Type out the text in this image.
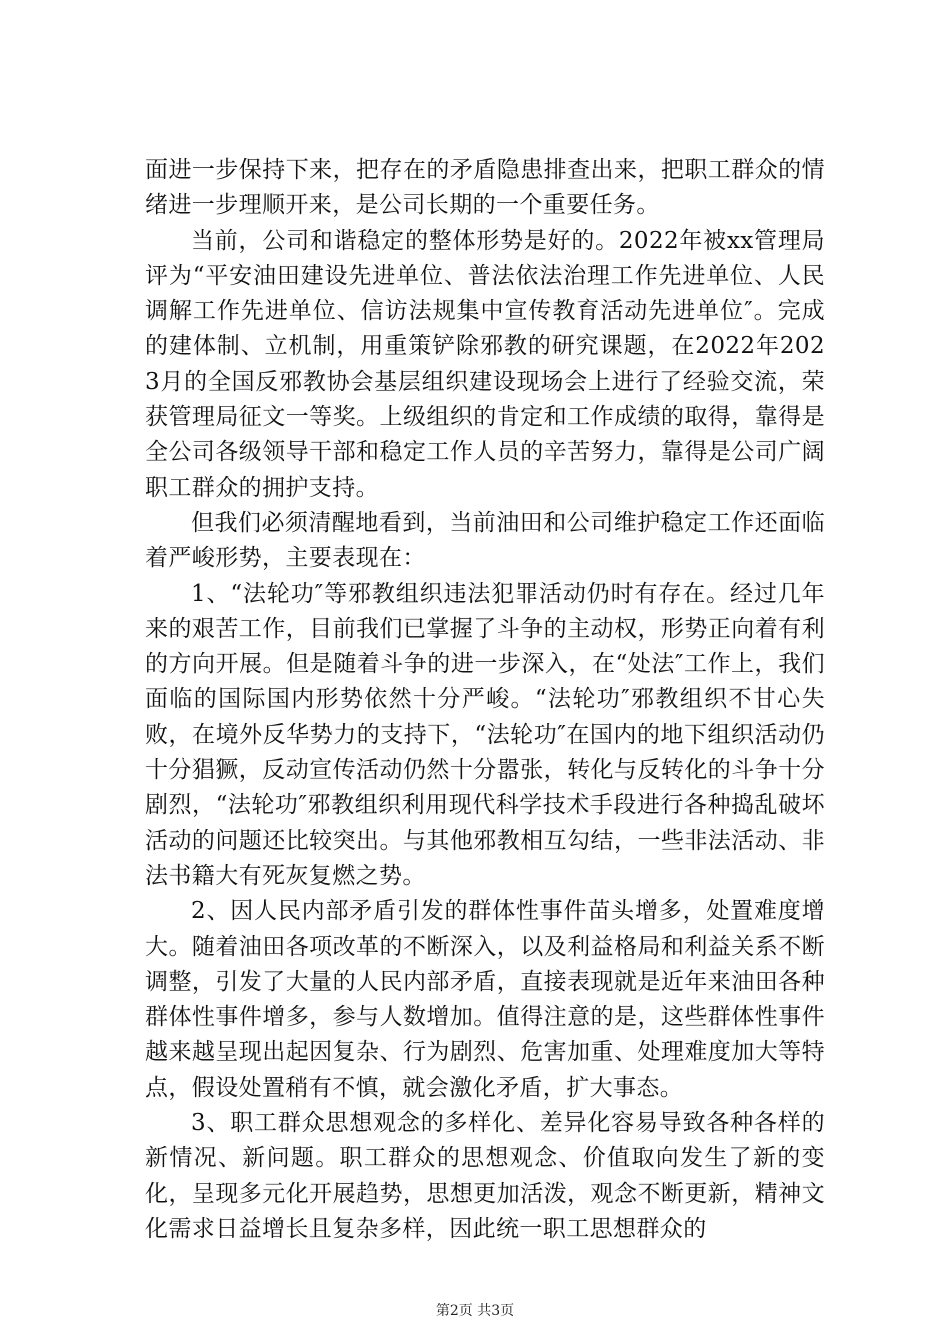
面进一步保持下来，把存在的矛盾隐患排查出来，把职工群众的情绪进一步理顺开来，是公司长期的一个重要任务。

当前，公司和谐稳定的整体形势是好的。2022年被xx管理局评为“平安油田建设先进单位、普法依法治理工作先进单位、人民调解工作先进单位、信访法规集中宣传教育活动先进单位″。完成的建体制、立机制，用重策铲除邪教的研究课题，在2022年2023月的全国反邪教协会基层组织建设现场会上进行了经验交流，荣获管理局征文一等奖。上级组织的肯定和工作成绩的取得，靠得是全公司各级领导干部和稳定工作人员的辛苦努力，靠得是公司广阔职工群众的拥护支持。

但我们必须清醒地看到，当前油田和公司维护稳定工作还面临着严峻形势，主要表现在：

1、“法轮功″等邪教组织违法犯罪活动仍时有存在。经过几年来的艰苦工作，目前我们已掌握了斗争的主动权，形势正向着有利的方向开展。但是随着斗争的进一步深入，在“处法″工作上，我们面临的国际国内形势依然十分严峻。“法轮功″邪教组织不甘心失败，在境外反华势力的支持下，“法轮功″在国内的地下组织活动仍十分猖獗，反动宣传活动仍然十分嚣张，转化与反转化的斗争十分剧烈，“法轮功″邪教组织利用现代科学技术手段进行各种捣乱破坏活动的问题还比较突出。与其他邪教相互勾结，一些非法活动、非法书籍大有死灰复燃之势。

2、因人民内部矛盾引发的群体性事件苗头增多，处置难度增大。随着油田各项改革的不断深入，以及利益格局和利益关系不断调整，引发了大量的人民内部矛盾，直接表现就是近年来油田各种群体性事件增多，参与人数增加。值得注意的是，这些群体性事件越来越呈现出起因复杂、行为剧烈、危害加重、处理难度加大等特点，假设处置稍有不慎，就会激化矛盾，扩大事态。

3、职工群众思想观念的多样化、差异化容易导致各种各样的新情况、新问题。职工群众的思想观念、价值取向发生了新的变化，呈现多元化开展趋势，思想更加活泼，观念不断更新，精神文化需求日益增长且复杂多样，因此统一职工思想群众的

第2页 共3页
